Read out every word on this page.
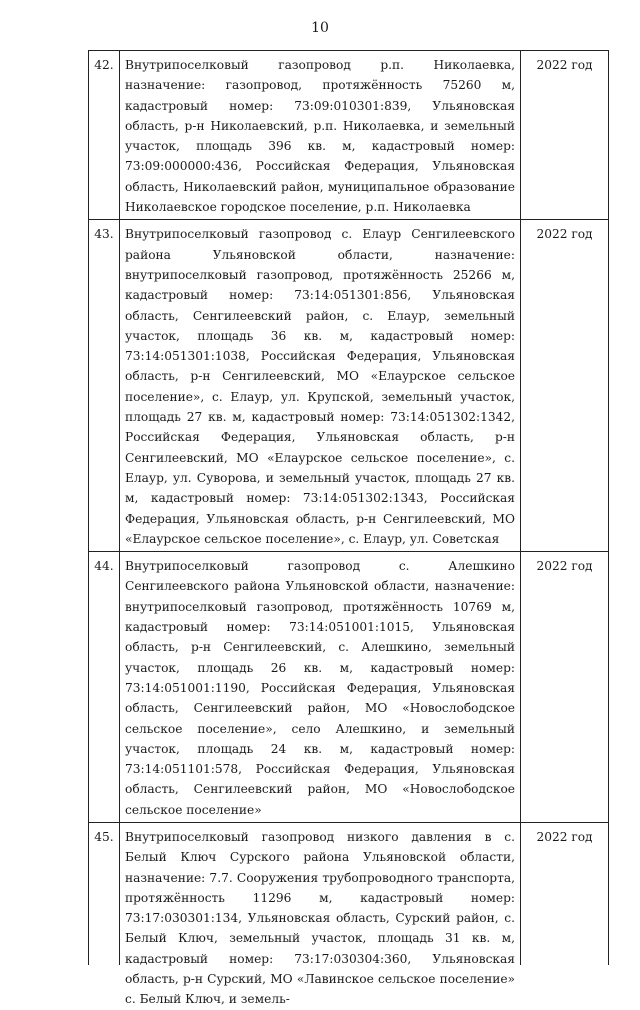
10
42.	Внутрипоселковый газопровод р.п. Николаевка, назначение: газопровод, протяжённость 75260 м, кадастровый номер: 73:09:010301:839, Ульяновская область, р-н Николаевский, р.п. Николаевка, и земельный участок, площадь 396 кв. м, кадастровый номер: 73:09:000000:436, Российская Федерация, Ульяновская область, Николаевский район, муниципальное образование Николаевское городское поселение, р.п. Николаевка	2022 год
43.	Внутрипоселковый газопровод с. Елаур Сенгилеевского района Ульяновской области, назначение: внутрипоселковый газопровод, протяжённость 25266 м, кадастровый номер: 73:14:051301:856, Ульяновская область, Сенгилеевский район, с. Елаур, земельный участок, площадь 36 кв. м, кадастровый номер: 73:14:051301:1038, Российская Федерация, Ульяновская область, р-н Сенгилеевский, МО «Елаурское сельское поселение», с. Елаур, ул. Крупской, земельный участок, площадь 27 кв. м, кадастровый номер: 73:14:051302:1342, Российская Федерация, Ульяновская область, р-н Сенгилеевский, МО «Елаурское сельское поселение», с. Елаур, ул. Суворова, и земельный участок, площадь 27 кв. м, кадастровый номер: 73:14:051302:1343, Российская Федерация, Ульяновская область, р-н Сенгилеевский, МО «Елаурское сельское поселение», с. Елаур, ул. Советская	2022 год
44.	Внутрипоселковый газопровод с. Алешкино Сенгилеевского района Ульяновской области, назначение: внутрипоселковый газопровод, протяжённость 10769 м, кадастровый номер: 73:14:051001:1015, Ульяновская область, р-н Сенгилеевский, с. Алешкино, земельный участок, площадь 26 кв. м, кадастровый номер: 73:14:051001:1190, Российская Федерация, Ульяновская область, Сенгилеевский район, МО «Новослободское сельское поселение», село Алешкино, и земельный участок, площадь 24 кв. м, кадастровый номер: 73:14:051101:578, Российская Федерация, Ульяновская область, Сенгилеевский район, МО «Новослободское сельское поселение»	2022 год
45.	Внутрипоселковый газопровод низкого давления в с. Белый Ключ Сурского района Ульяновской области, назначение: 7.7. Сооружения трубопроводного транспорта, протяжённость 11296 м, кадастровый номер: 73:17:030301:134, Ульяновская область, Сурский район, с. Белый Ключ, земельный участок, площадь 31 кв. м, кадастровый номер: 73:17:030304:360, Ульяновская область, р-н Сурский, МО «Лавинское сельское поселение» с. Белый Ключ, и земель-	2022 год
